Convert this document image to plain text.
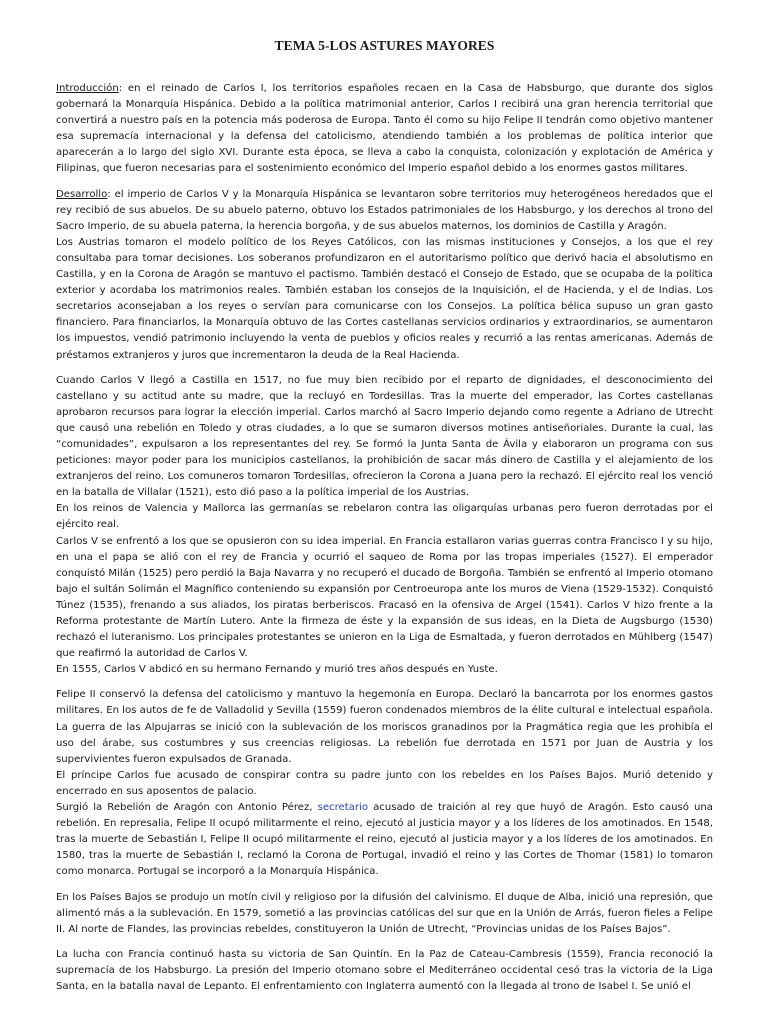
TEMA 5-LOS ASTURES MAYORES

Introducción: en el reinado de Carlos I, los territorios españoles recaen en la Casa de Habsburgo, que durante dos siglos gobernará la Monarquía Hispánica. Debido a la política matrimonial anterior, Carlos I recibirá una gran herencia territorial que convertirá a nuestro país en la potencia más poderosa de Europa. Tanto él como su hijo Felipe II tendrán como objetivo mantener esa supremacía internacional y la defensa del catolicismo, atendiendo también a los problemas de política interior que aparecerán a lo largo del siglo XVI. Durante esta época, se lleva a cabo la conquista, colonización y explotación de América y Filipinas, que fueron necesarias para el sostenimiento económico del Imperio español debido a los enormes gastos militares.

Desarrollo: el imperio de Carlos V y la Monarquía Hispánica se levantaron sobre territorios muy heterogéneos heredados que el rey recibió de sus abuelos. De su abuelo paterno, obtuvo los Estados patrimoniales de los Habsburgo, y los derechos al trono del Sacro Imperio, de su abuela paterna, la herencia borgoña, y de sus abuelos maternos, los dominios de Castilla y Aragón.

Los Austrias tomaron el modelo político de los Reyes Católicos, con las mismas instituciones y Consejos, a los que el rey consultaba para tomar decisiones. Los soberanos profundizaron en el autoritarismo político que derivó hacia el absolutismo en Castilla, y en la Corona de Aragón se mantuvo el pactismo. También destacó el Consejo de Estado, que se ocupaba de la política exterior y acordaba los matrimonios reales. También estaban los consejos de la Inquisición, el de Hacienda, y el de Indias. Los secretarios aconsejaban a los reyes o servían para comunicarse con los Consejos. La política bélica supuso un gran gasto financiero. Para financiarlos, la Monarquía obtuvo de las Cortes castellanas servicios ordinarios y extraordinarios, se aumentaron los impuestos, vendió patrimonio incluyendo la venta de pueblos y oficios reales y recurrió a las rentas americanas. Además de préstamos extranjeros y juros que incrementaron la deuda de la Real Hacienda.

Cuando Carlos V llegó a Castilla en 1517, no fue muy bien recibido por el reparto de dignidades, el desconocimiento del castellano y su actitud ante su madre, que la recluyó en Tordesillas. Tras la muerte del emperador, las Cortes castellanas aprobaron recursos para lograr la elección imperial. Carlos marchó al Sacro Imperio dejando como regente a Adriano de Utrecht que causó una rebelión en Toledo y otras ciudades, a lo que se sumaron diversos motines antiseñoriales. Durante la cual, las “comunidades”, expulsaron a los representantes del rey. Se formó la Junta Santa de Ávila y elaboraron un programa con sus peticiones: mayor poder para los municipios castellanos, la prohibición de sacar más dinero de Castilla y el alejamiento de los extranjeros del reino. Los comuneros tomaron Tordesillas, ofrecieron la Corona a Juana pero la rechazó. El ejército real los venció en la batalla de Villalar (1521), esto dió paso a la política imperial de los Austrias.

En los reinos de Valencia y Mallorca las germanías se rebelaron contra las oligarquías urbanas pero fueron derrotadas por el ejército real.

Carlos V se enfrentó a los que se opusieron con su idea imperial. En Francia estallaron varias guerras contra Francisco I y su hijo, en una el papa se alió con el rey de Francia y ocurrió el saqueo de Roma por las tropas imperiales (1527). El emperador conquistó Milán (1525) pero perdió la Baja Navarra y no recuperó el ducado de Borgoña. También se enfrentó al Imperio otomano bajo el sultán Solimán el Magnífico conteniendo su expansión por Centroeuropa ante los muros de Viena (1529-1532). Conquistó Túnez (1535), frenando a sus aliados, los piratas berberiscos. Fracasó en la ofensiva de Argel (1541). Carlos V hizo frente a la Reforma protestante de Martín Lutero. Ante la firmeza de éste y la expansión de sus ideas, en la Dieta de Augsburgo (1530) rechazó el luteranismo. Los principales protestantes se unieron en la Liga de Esmaltada, y fueron derrotados en Mühlberg (1547) que reafirmó la autoridad de Carlos V.

En 1555, Carlos V abdicó en su hermano Fernando y murió tres años después en Yuste.

Felipe II conservó la defensa del catolicismo y mantuvo la hegemonía en Europa. Declaró la bancarrota por los enormes gastos militares. En los autos de fe de Valladolid y Sevilla (1559) fueron condenados miembros de la élite cultural e intelectual española. La guerra de las Alpujarras se inició con la sublevación de los moriscos granadinos por la Pragmática regia que les prohibía el uso del árabe, sus costumbres y sus creencias religiosas. La rebelión fue derrotada en 1571 por Juan de Austria y los supervivientes fueron expulsados de Granada.

El príncipe Carlos fue acusado de conspirar contra su padre junto con los rebeldes en los Países Bajos. Murió detenido y encerrado en sus aposentos de palacio.

Surgió la Rebelión de Aragón con Antonio Pérez, secretario acusado de traición al rey que huyó de Aragón. Esto causó una rebelión. En represalia, Felipe II ocupó militarmente el reino, ejecutó al justicia mayor y a los líderes de los amotinados. En 1548, tras la muerte de Sebastián I, Felipe II ocupó militarmente el reino, ejecutó al justicia mayor y a los líderes de los amotinados. En 1580, tras la muerte de Sebastián I, reclamó la Corona de Portugal, invadió el reino y las Cortes de Thomar (1581) lo tomaron como monarca. Portugal se incorporó a la Monarquía Hispánica.

En los Países Bajos se produjo un motín civil y religioso por la difusión del calvinismo. El duque de Alba, inició una represión, que alimentó más a la sublevación. En 1579, sometió a las provincias católicas del sur que en la Unión de Arrás, fueron fieles a Felipe II. Al norte de Flandes, las provincias rebeldes, constituyeron la Unión de Utrecht, “Provincias unidas de los Países Bajos”.

La lucha con Francia continuó hasta su victoria de San Quintín. En la Paz de Cateau-Cambresis (1559), Francia reconoció la supremacía de los Habsburgo. La presión del Imperio otomano sobre el Mediterráneo occidental cesó tras la victoria de la Liga Santa, en la batalla naval de Lepanto. El enfrentamiento con Inglaterra aumentó con la llegada al trono de Isabel I. Se unió el
